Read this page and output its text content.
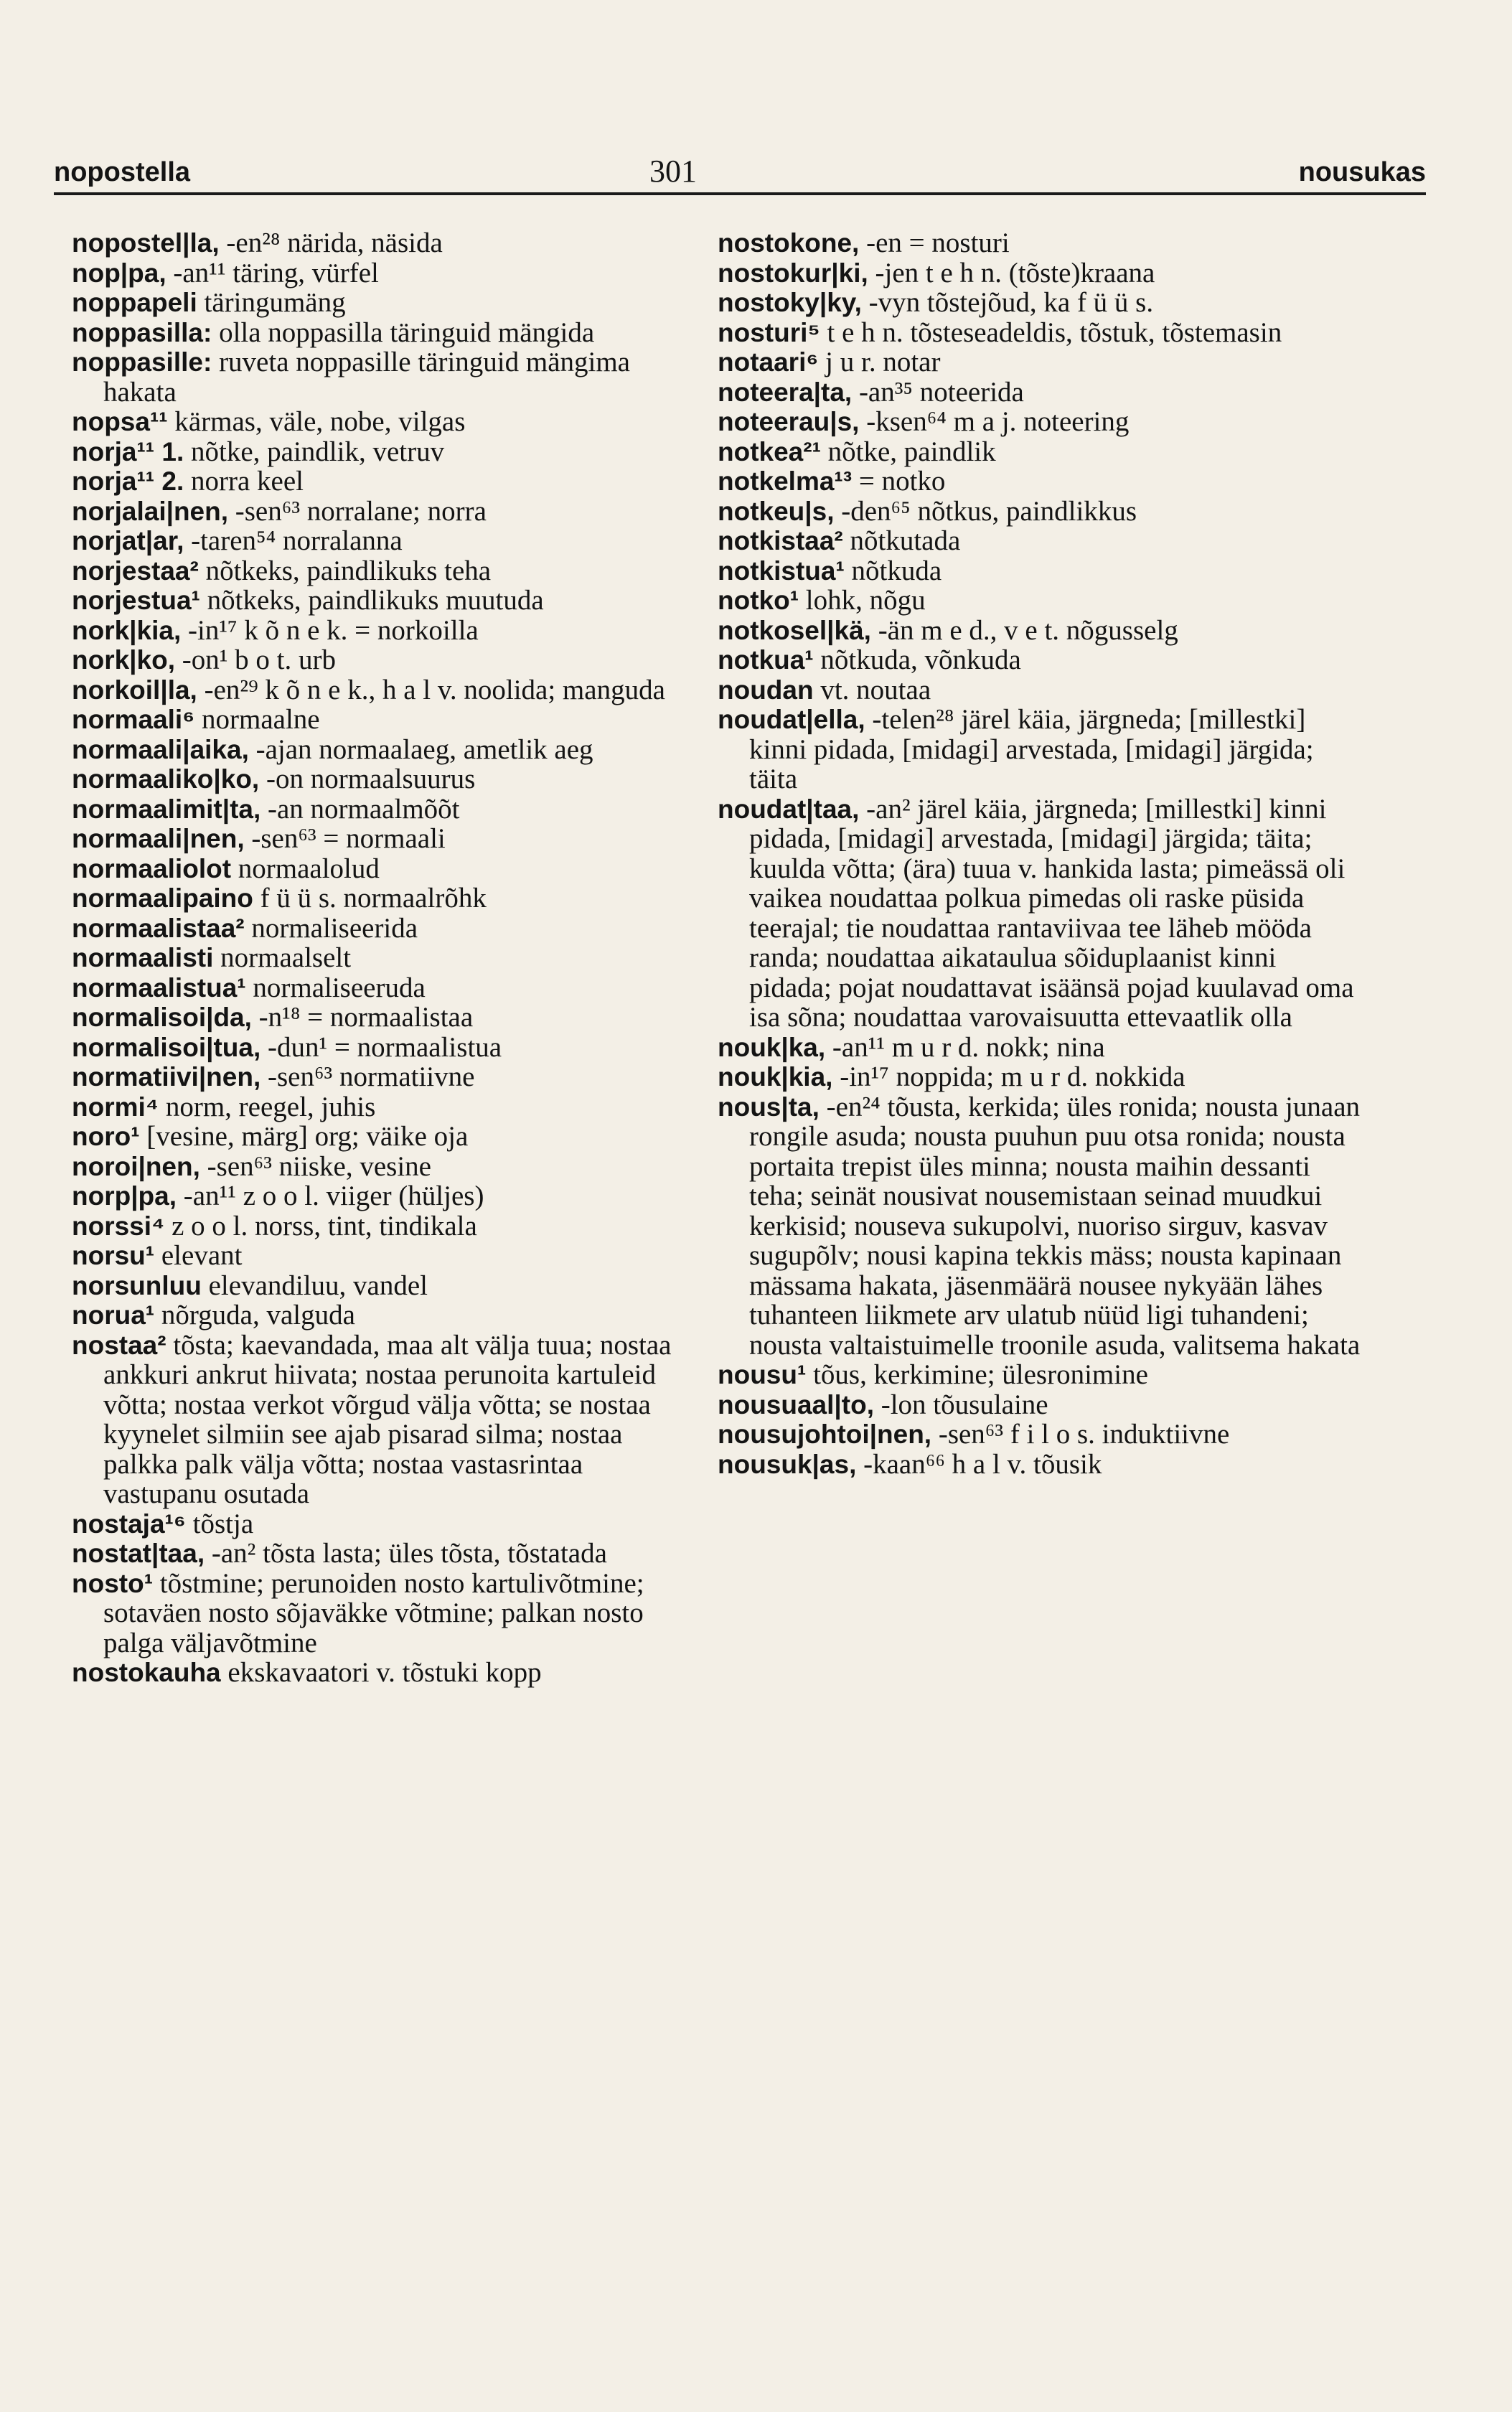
nopostella	301	nousukas

nopostel|la, -en²⁸ närida, näsida

nop|pa, -an¹¹ täring, vürfel

noppapeli täringumäng

noppasilla: olla noppasilla täringuid mängida

noppasille: ruveta noppasille täringuid mängima hakata

nopsa¹¹ kärmas, väle, nobe, vilgas

norja¹¹ 1. nõtke, paindlik, vetruv

norja¹¹ 2. norra keel

norjalai|nen, -sen⁶³ norralane; norra

norjat|ar, -taren⁵⁴ norralanna

norjestaa² nõtkeks, paindlikuks teha

norjestua¹ nõtkeks, paindlikuks muutuda

nork|kia, -in¹⁷ k õ n e k. = norkoilla

nork|ko, -on¹ b o t. urb

norkoil|la, -en²⁹ k õ n e k., h a l v. noolida; manguda

normaali⁶ normaalne

normaali|aika, -ajan normaalaeg, ametlik aeg

normaaliko|ko, -on normaalsuurus

normaalimit|ta, -an normaalmõõt

normaali|nen, -sen⁶³ = normaali

normaaliolot normaalolud

normaalipaino f ü ü s. normaalrõhk

normaalistaa² normaliseerida

normaalisti normaalselt

normaalistua¹ normaliseeruda

normalisoi|da, -n¹⁸ = normaalistaa

normalisoi|tua, -dun¹ = normaalistua

normatiivi|nen, -sen⁶³ normatiivne

normi⁴ norm, reegel, juhis

noro¹ [vesine, märg] org; väike oja

noroi|nen, -sen⁶³ niiske, vesine

norp|pa, -an¹¹ z o o l. viiger (hüljes)

norssi⁴ z o o l. norss, tint, tindikala

norsu¹ elevant

norsunluu elevandiluu, vandel

norua¹ nõrguda, valguda

nostaa² tõsta; kaevandada, maa alt välja tuua; nostaa ankkuri ankrut hiivata; nostaa perunoita kartuleid võtta; nostaa verkot võrgud välja võtta; se nostaa kyynelet silmiin see ajab pisarad silma; nostaa palkka palk välja võtta; nostaa vastasrintaa vastupanu osutada

nostaja¹⁶ tõstja

nostat|taa, -an² tõsta lasta; üles tõsta, tõstatada

nosto¹ tõstmine; perunoiden nosto kartulivõtmine; sotaväen nosto sõjaväkke võtmine; palkan nosto palga väljavõtmine

nostokauha ekskavaatori v. tõstuki kopp

nostokone, -en = nosturi

nostokur|ki, -jen t e h n. (tõste)kraana

nostoky|ky, -vyn tõstejõud, ka f ü ü s.

nosturi⁵ t e h n. tõsteseadeldis, tõstuk, tõstemasin

notaari⁶ j u r. notar

noteera|ta, -an³⁵ noteerida

noteerau|s, -ksen⁶⁴ m a j. noteering

notkea²¹ nõtke, paindlik

notkelma¹³ = notko

notkeu|s, -den⁶⁵ nõtkus, paindlikkus

notkistaa² nõtkutada

notkistua¹ nõtkuda

notko¹ lohk, nõgu

notkosel|kä, -än m e d., v e t. nõgusselg

notkua¹ nõtkuda, võnkuda

noudan vt. noutaa

noudat|ella, -telen²⁸ järel käia, järgneda; [millestki] kinni pidada, [midagi] arvestada, [midagi] järgida; täita

noudat|taa, -an² järel käia, järgneda; [millestki] kinni pidada, [midagi] arvestada, [midagi] järgida; täita; kuulda võtta; (ära) tuua v. hankida lasta; pimeässä oli vaikea noudattaa polkua pimedas oli raske püsida teerajal; tie noudattaa rantaviivaa tee läheb mööda randa; noudattaa aikataulua sõiduplaanist kinni pidada; pojat noudattavat isäänsä pojad kuulavad oma isa sõna; noudattaa varovaisuutta ettevaatlik olla

nouk|ka, -an¹¹ m u r d. nokk; nina

nouk|kia, -in¹⁷ noppida; m u r d. nokkida

nous|ta, -en²⁴ tõusta, kerkida; üles ronida; nousta junaan rongile asuda; nousta puuhun puu otsa ronida; nousta portaita trepist üles minna; nousta maihin dessanti teha; seinät nousivat nousemistaan seinad muudkui kerkisid; nouseva sukupolvi, nuoriso sirguv, kasvav sugupõlv; nousi kapina tekkis mäss; nousta kapinaan mässama hakata, jäsenmäärä nousee nykyään lähes tuhanteen liikmete arv ulatub nüüd ligi tuhandeni; nousta valtaistuimelle troonile asuda, valitsema hakata

nousu¹ tõus, kerkimine; ülesronimine

nousuaal|to, -lon tõusulaine

nousujohtoi|nen, -sen⁶³ f i l o s. induktiivne

nousuk|as, -kaan⁶⁶ h a l v. tõusik
